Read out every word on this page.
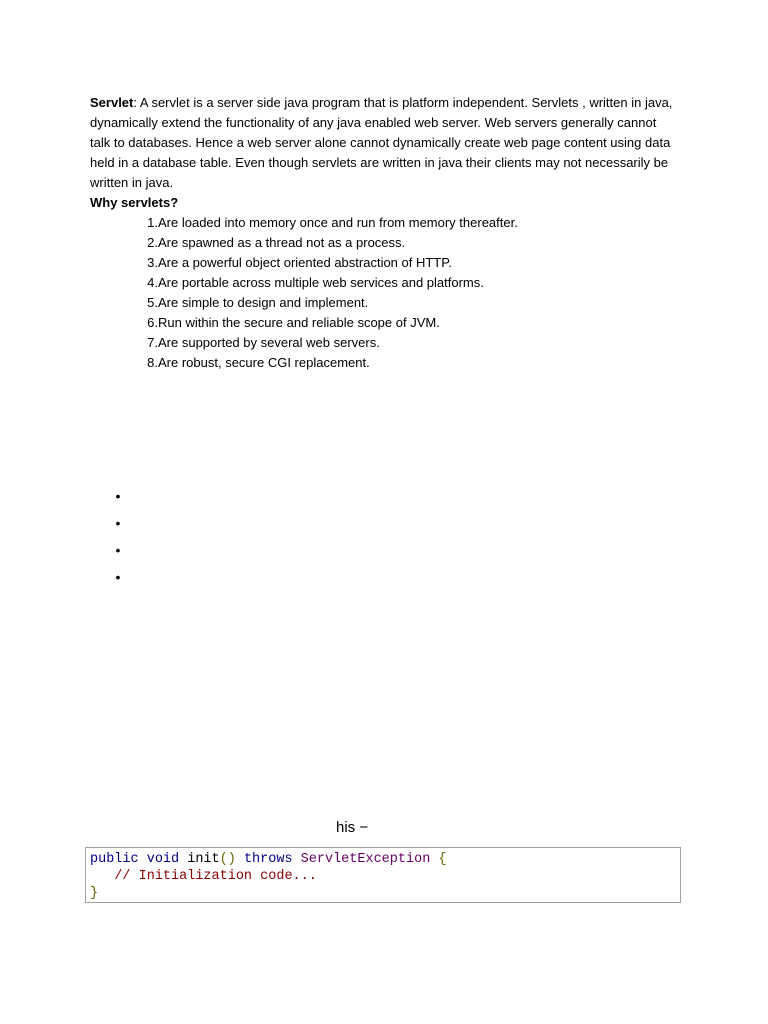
Servlet: A servlet is a server side java program that is platform independent. Servlets , written in java, dynamically extend the functionality of any java enabled web server. Web servers generally cannot talk to databases. Hence a web server alone cannot dynamically create web page content using data held in a database table. Even though servlets are written in java their clients may not necessarily be written in java.

Why servlets?
1. Are loaded into memory once and run from memory thereafter.
2. Are spawned as a thread not as a process.
3. Are a powerful object oriented abstraction of HTTP.
4. Are portable across multiple web services and platforms.
5. Are simple to design and implement.
6. Run within the secure and reliable scope of JVM.
7. Are supported by several web servers.
8. Are robust, secure CGI replacement.
•
•
•
•
his −
public void init() throws ServletException {
// Initialization code...
}
